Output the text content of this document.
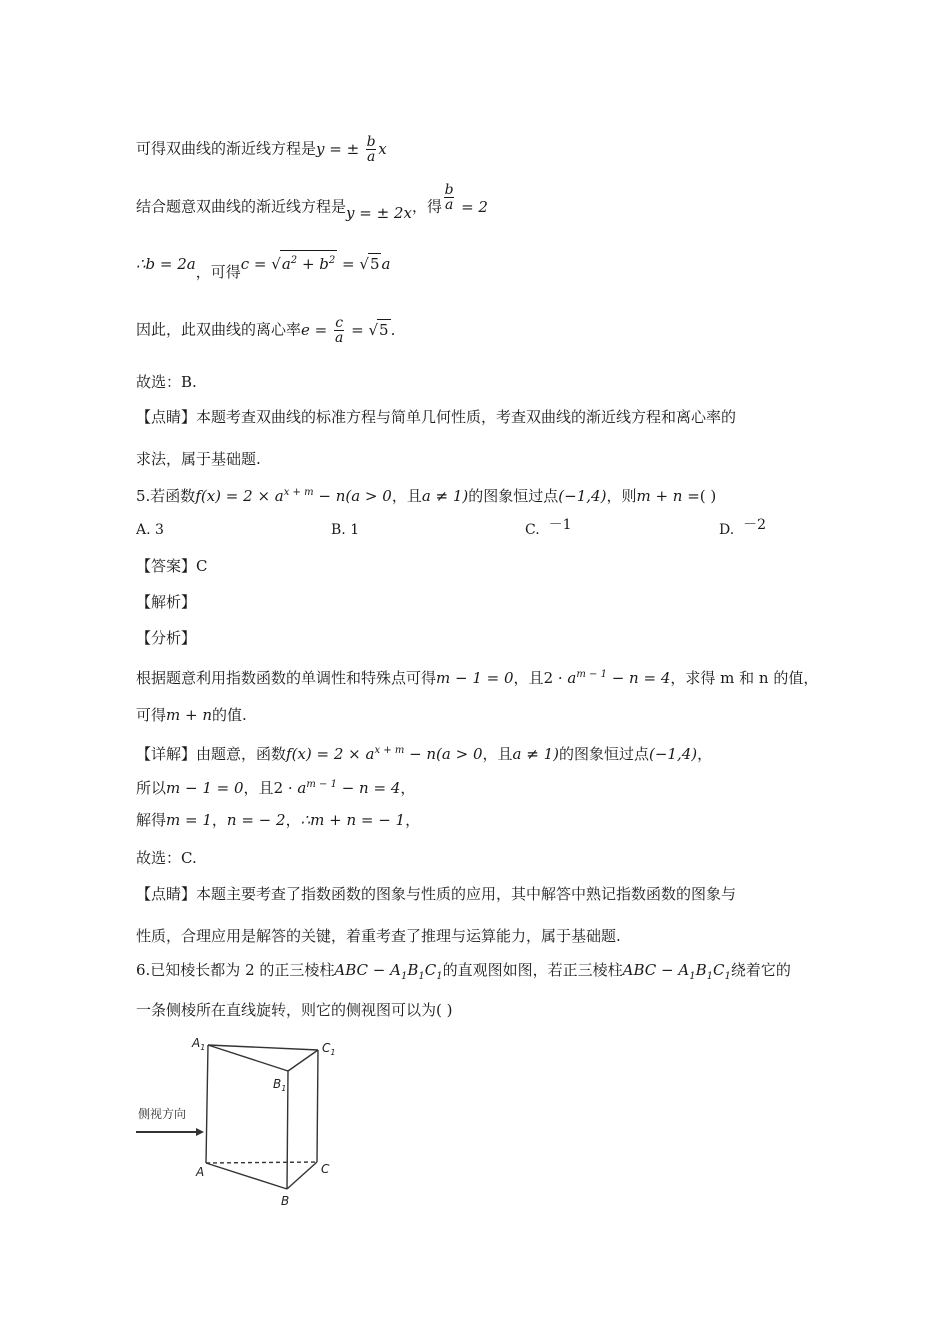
可得双曲线的渐近线方程是y = ± $\frac{b}{a}$ x
结合题意双曲线的渐近线方程是y = ± 2x，得 $\frac{b}{a} = 2$
∴b = 2a，可得$c = √a^2 + b^2 = √5$ a
因此，此双曲线的离心率$e = \frac{c}{a} = √5$ .
故选：B.
【点睛】本题考查双曲线的标准方程与简单几何性质，考查双曲线的渐近线方程和离心率的
求法，属于基础题.
5.若函数$f(x) = 2 \times a^{x + m} - n(a > 0$，且a ≠ 1)的图象恒过点(−1,4)，则m + n =( )
A. 3	B. 1	C. －1	D. －2
【答案】C
【解析】
【分析】
根据题意利用指数函数的单调性和特殊点可得m − 1 = 0，且$2 \cdot a^{m - 1} - n = 4$，求得 m 和 n 的值，
可得m + n的值.
【详解】由题意，函数$f(x) = 2 \times a^{x + m} - n(a > 0$，且a ≠ 1)的图象恒过点(−1,4)，
所以m − 1 = 0，且$2 \cdot a^{m - 1} - n = 4$，
解得m = 1，n = − 2，∴m + n = − 1，
故选：C.
【点睛】本题主要考查了指数函数的图象与性质的应用，其中解答中熟记指数函数的图象与
性质，合理应用是解答的关键，着重考查了推理与运算能力，属于基础题.
6.已知棱长都为 2 的正三棱柱ABC − $A_1B_1C_1$的直观图如图，若正三棱柱ABC − $A_1B_1C_1$绕着它的
一条侧棱所在直线旋转，则它的侧视图可以为( )
侧视方向
$A_1$	$C_1$
$B_1$
A	C
B
